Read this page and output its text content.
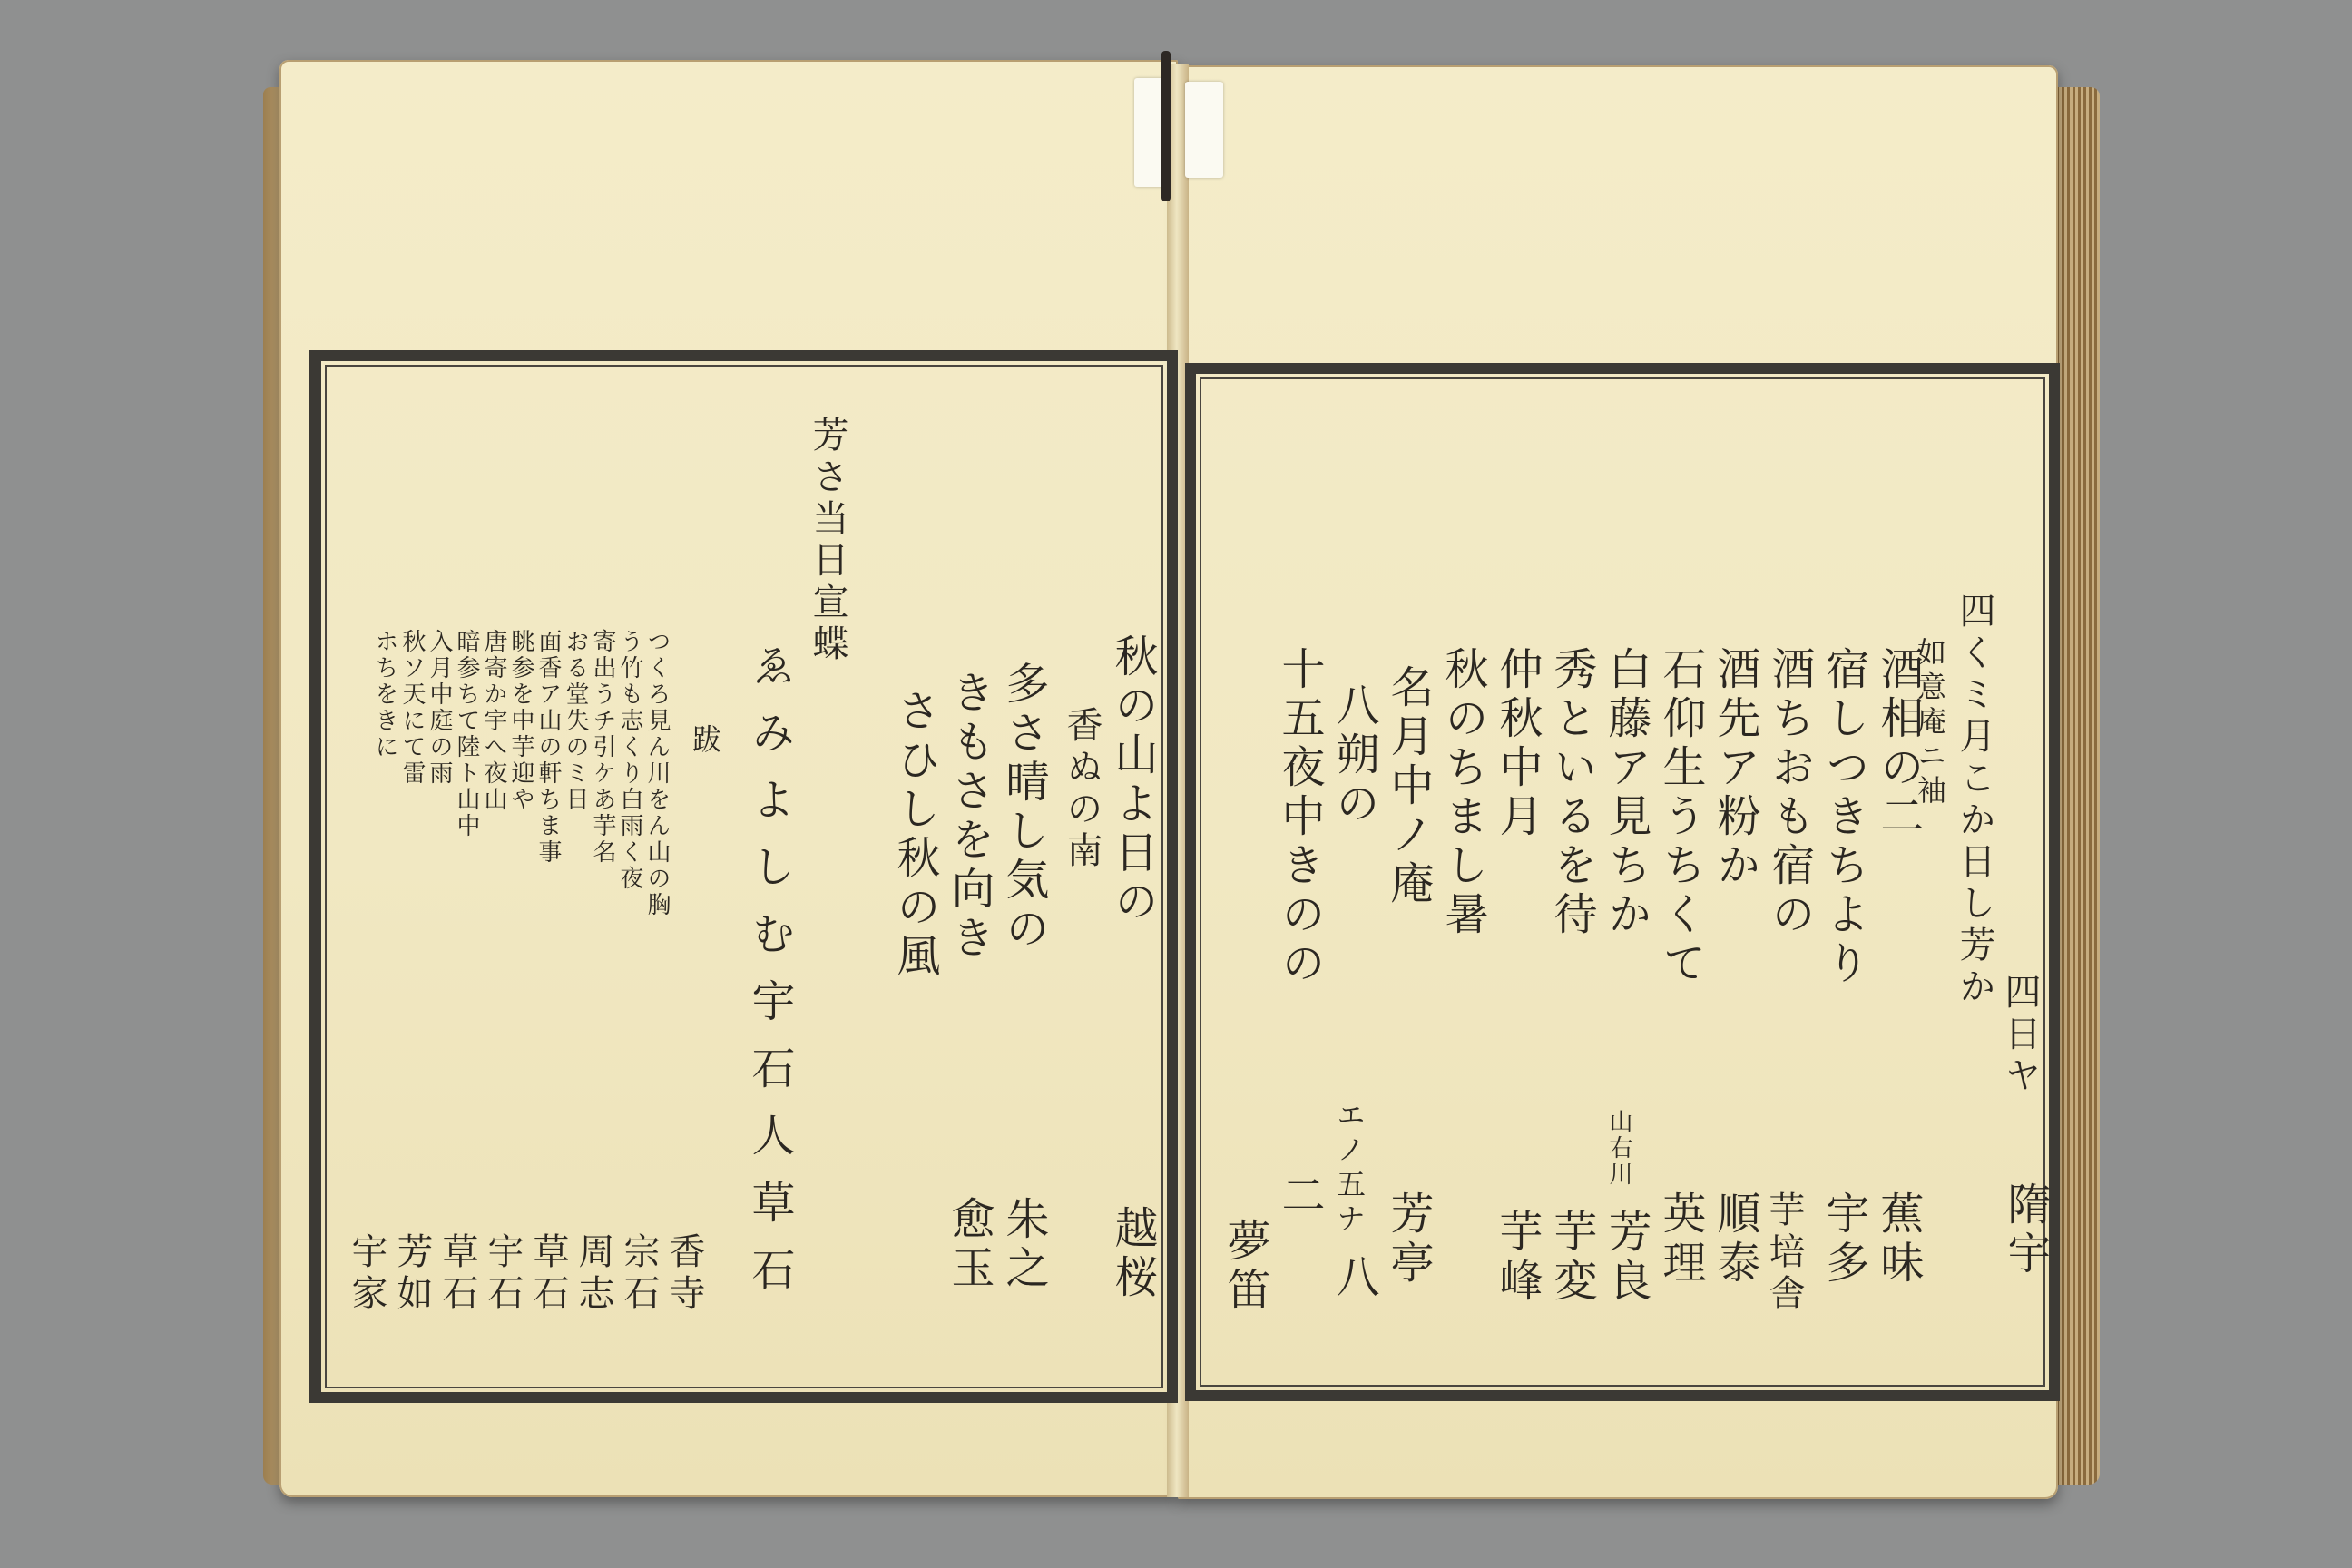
秋の山よ日の
越桜
香ぬの南
多さ晴し気の
朱之
きもさを向き
愈玉
さひし秋の風
芳さ当日宣蝶
ゑみよしむ宇石人草石
跋
つくろ見ん川をん山の胸
う竹も志くり白雨く夜
寄出うチ引ケあ芋名
おる堂失のミ日
面香ア山の軒ちま事
眺参を中芋迎や
唐寄か宇へ夜山
暗参ちて陸ト山中
入月中庭の雨
秋ソ天にて雷
ホちをきに
香寺
宗石
周志
草石
宇石
草石
芳如
宇家
四日ヤ
隋宇
四くミ月こか日し芳か
如意庵ニ袖
酒相の二
蕉味
宿しつきちより
宇多
酒ちおも宿の
芋培舎
酒先ア粉か
順泰
石仰生うちくて
英理
白藤ア見ちか
山右川
芳良
秀といるを待
芋変
仲秋中月
芋峰
秋のちまし暑
名月中ノ庵
芳亭
八朔の
エノ五ナ
八
十五夜中きのの
二
夢笛
